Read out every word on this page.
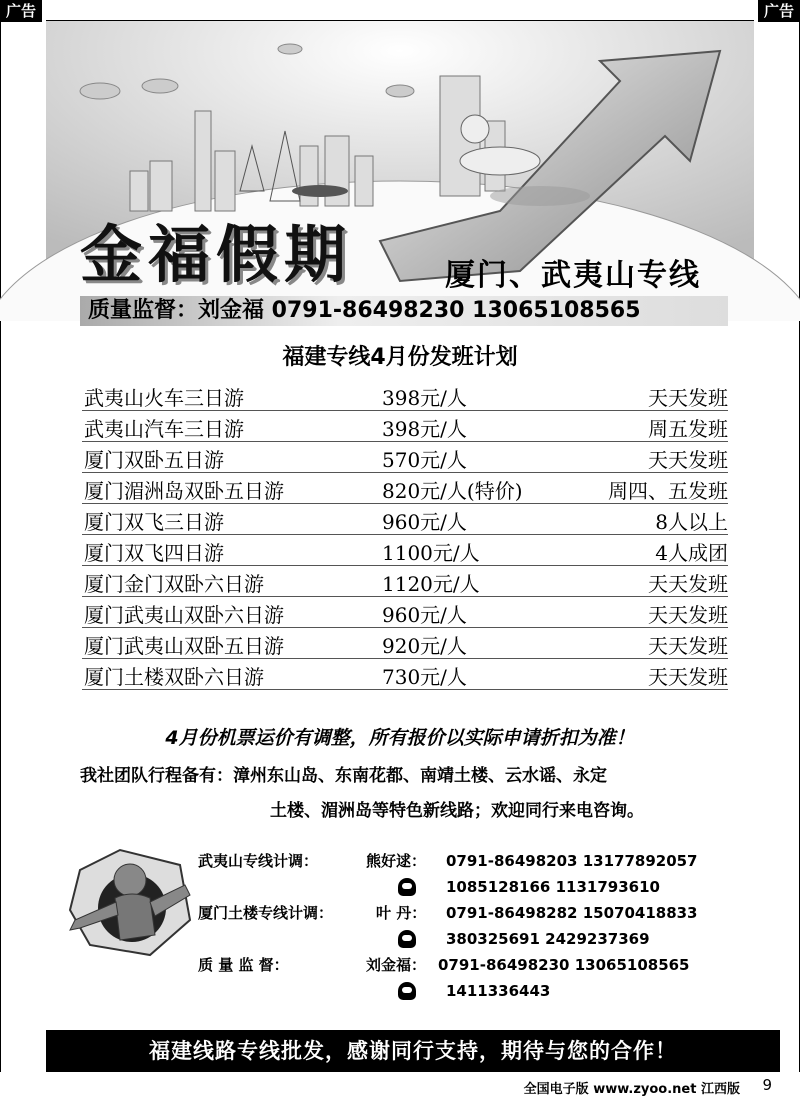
广告	广告
金福假期	厦门、武夷山专线
质量监督：刘金福 0791-86498230 13065108565
福建专线4月份发班计划
武夷山火车三日游	398元/人	天天发班
武夷山汽车三日游	398元/人	周五发班
厦门双卧五日游	570元/人	天天发班
厦门湄洲岛双卧五日游	820元/人(特价)	周四、五发班
厦门双飞三日游	960元/人	8人以上
厦门双飞四日游	1100元/人	4人成团
厦门金门双卧六日游	1120元/人	天天发班
厦门武夷山双卧六日游	960元/人	天天发班
厦门武夷山双卧五日游	920元/人	天天发班
厦门土楼双卧六日游	730元/人	天天发班
4月份机票运价有调整，所有报价以实际申请折扣为准！
我社团队行程备有：漳州东山岛、东南花都、南靖土楼、云水谣、永定
土楼、湄洲岛等特色新线路；欢迎同行来电咨询。
武夷山专线计调：	熊好逑： 0791-86498203 13177892057
1085128166 1131793610
厦门土楼专线计调：	叶 丹： 0791-86498282 15070418833
380325691 2429237369
质 量 监 督：	刘金福： 0791-86498230 13065108565
1411336443
福建线路专线批发，感谢同行支持，期待与您的合作！
全国电子版 www.zyoo.net 江西版 9
